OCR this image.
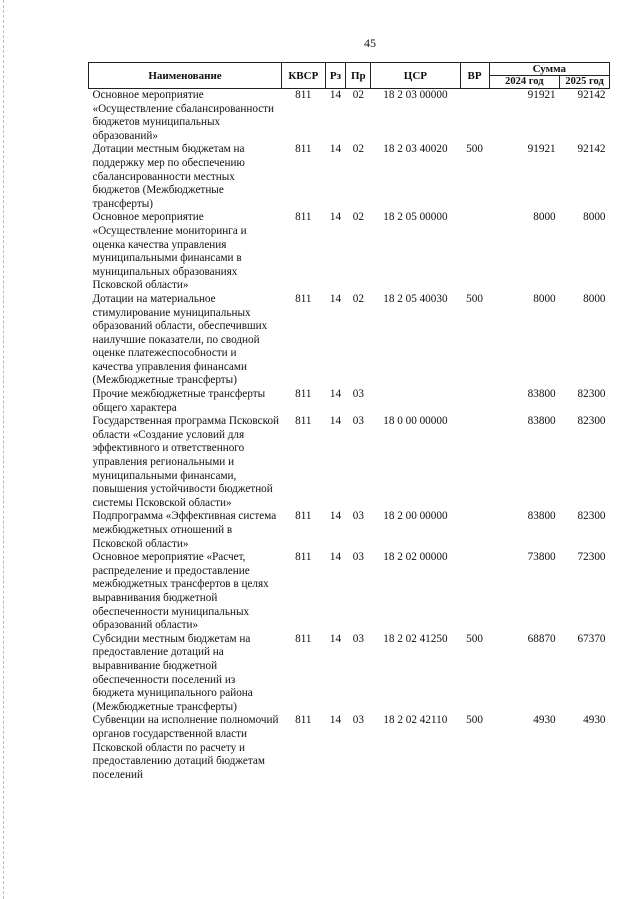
45
Наименование	КВСР	Рз	Пр	ЦСР	ВР	Сумма	
						2024 год	2025 год
Основное мероприятие «Осуществление сбалансированности бюджетов муниципальных образований»	811	14	02	18 2 03 00000		91921	92142
Дотации местным бюджетам на поддержку мер по обеспечению сбалансированности местных бюджетов (Межбюджетные трансферты)	811	14	02	18 2 03 40020	500	91921	92142
Основное мероприятие «Осуществление мониторинга и оценка качества управления муниципальными финансами в муниципальных образованиях Псковской области»	811	14	02	18 2 05 00000		8000	8000
Дотации на материальное стимулирование муниципальных образований области, обеспечивших наилучшие показатели, по сводной оценке платежеспособности и качества управления финансами (Межбюджетные трансферты)	811	14	02	18 2 05 40030	500	8000	8000
Прочие межбюджетные трансферты общего характера	811	14	03			83800	82300
Государственная программа Псковской области «Создание условий для эффективного и ответственного управления региональными и муниципальными финансами, повышения устойчивости бюджетной системы Псковской области»	811	14	03	18 0 00 00000		83800	82300
Подпрограмма «Эффективная система межбюджетных отношений в Псковской области»	811	14	03	18 2 00 00000		83800	82300
Основное мероприятие «Расчет, распределение и предоставление межбюджетных трансфертов в целях выравнивания бюджетной обеспеченности муниципальных образований области»	811	14	03	18 2 02 00000		73800	72300
Субсидии местным бюджетам на предоставление дотаций на выравнивание бюджетной обеспеченности поселений из бюджета муниципального района (Межбюджетные трансферты)	811	14	03	18 2 02 41250	500	68870	67370
Субвенции на исполнение полномочий органов государственной власти Псковской области по расчету и предоставлению дотаций бюджетам поселений	811	14	03	18 2 02 42110	500	4930	4930
